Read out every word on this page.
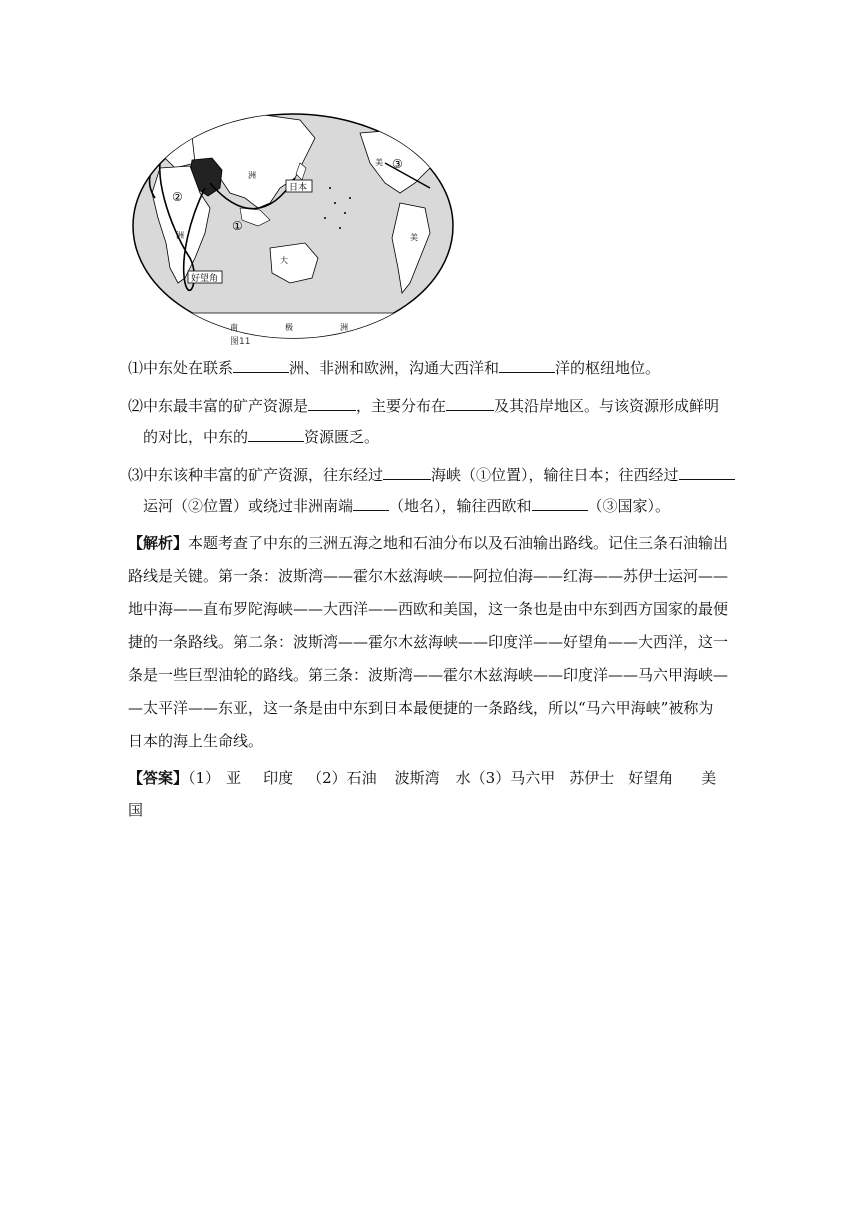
日本
好望角
美
①
②
③
洲
洲
大
美
南	极	洲
图11
⑴中东处在联系	洲、非洲和欧洲，沟通大西洋和	洋的枢纽地位。
⑵中东最丰富的矿产资源是	，主要分布在	及其沿岸地区。与该资源形成鲜明
的对比，中东的	资源匮乏。
⑶中东该种丰富的矿产资源，往东经过	海峡（①位置），输往日本；往西经过
运河（②位置）或绕过非洲南端 （地名），输往西欧和	（③国家）。
【解析】本题考查了中东的三洲五海之地和石油分布以及石油输出路线。记住三条石油输出
路线是关键。第一条：波斯湾——霍尔木兹海峡——阿拉伯海——红海——苏伊士运河——
地中海——直布罗陀海峡——大西洋——西欧和美国，这一条也是由中东到西方国家的最便
捷的一条路线。第二条：波斯湾——霍尔木兹海峡——印度洋——好望角——大西洋，这一
条是一些巨型油轮的路线。第三条：波斯湾——霍尔木兹海峡——印度洋——马六甲海峡—
—太平洋——东亚，这一条是由中东到日本最便捷的一条路线，所以“马六甲海峡”被称为
日本的海上生命线。
【答案】（1） 亚 印度 （2）石油 波斯湾 水（3）马六甲 苏伊士 好望角 美
国
